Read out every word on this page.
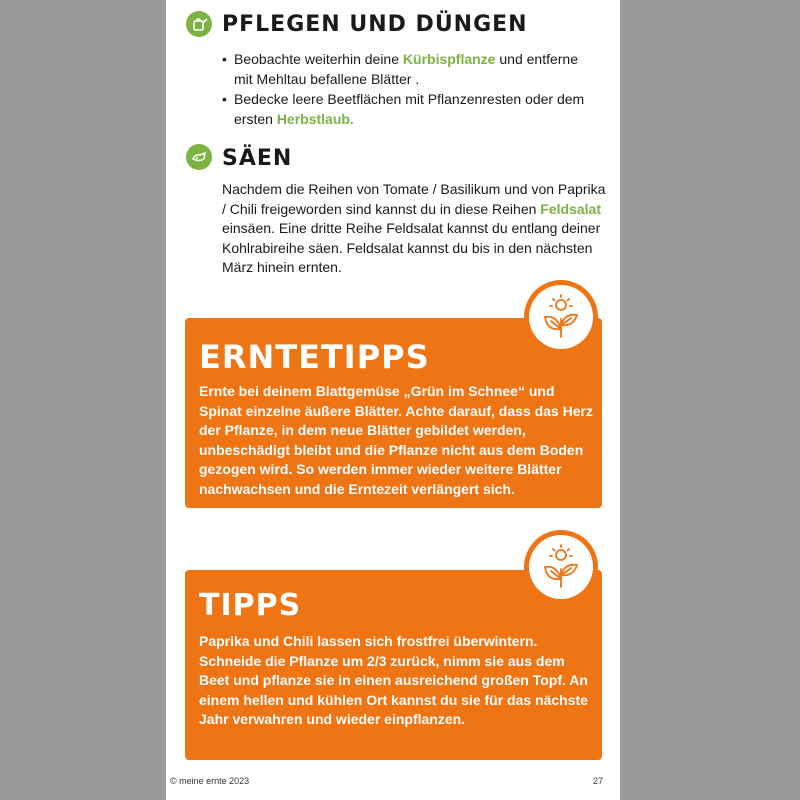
PFLEGEN UND DÜNGEN
• Beobachte weiterhin deine Kürbispflanze und entferne mit Mehltau befallene Blätter .
• Bedecke leere Beetflächen mit Pflanzenresten oder dem ersten Herbstlaub.
SÄEN

Nachdem die Reihen von Tomate / Basilikum und von Paprika / Chili freigeworden sind kannst du in diese Reihen Feldsalat einsäen. Eine dritte Reihe Feldsalat kannst du entlang deiner Kohlrabireihe säen. Feldsalat kannst du bis in den nächsten März hinein ernten.

ERNTETIPPS

Ernte bei deinem Blattgemüse „Grün im Schnee“ und Spinat einzelne äußere Blätter. Achte darauf, dass das Herz der Pflanze, in dem neue Blätter gebildet werden, unbeschädigt bleibt und die Pflanze nicht aus dem Boden gezogen wird. So werden immer wieder weitere Blätter nachwachsen und die Erntezeit verlängert sich.

TIPPS

Paprika und Chili lassen sich frostfrei überwintern. Schneide die Pflanze um 2/3 zurück, nimm sie aus dem Beet und pflanze sie in einen ausreichend großen Topf. An einem hellen und kühlen Ort kannst du sie für das nächste Jahr verwahren und wieder einpflanzen.

© meine ernte 2023	27
